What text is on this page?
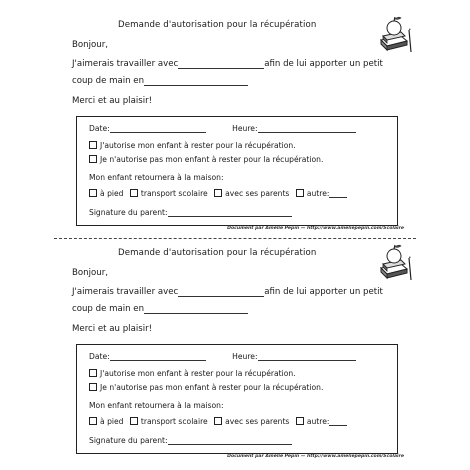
Demande d'autorisation pour la récupération
Bonjour,
J'aimerais travailler avec	afin de lui apporter un petit
coup de main en
Merci et au plaisir!
Date:	Heure:
J'autorise mon enfant à rester pour la récupération.
Je n'autorise pas mon enfant à rester pour la récupération.
Mon enfant retournera à la maison:
à pied transport scolaire avec ses parents autre:
Signature du parent:
Document par Amélie Pepin — http://www.ameliepepin.com/Scolaire
Demande d'autorisation pour la récupération
Bonjour,
J'aimerais travailler avec	afin de lui apporter un petit
coup de main en
Merci et au plaisir!
Date:	Heure:
J'autorise mon enfant à rester pour la récupération.
Je n'autorise pas mon enfant à rester pour la récupération.
Mon enfant retournera à la maison:
à pied transport scolaire avec ses parents autre:
Signature du parent:
Document par Amélie Pepin — http://www.ameliepepin.com/Scolaire
